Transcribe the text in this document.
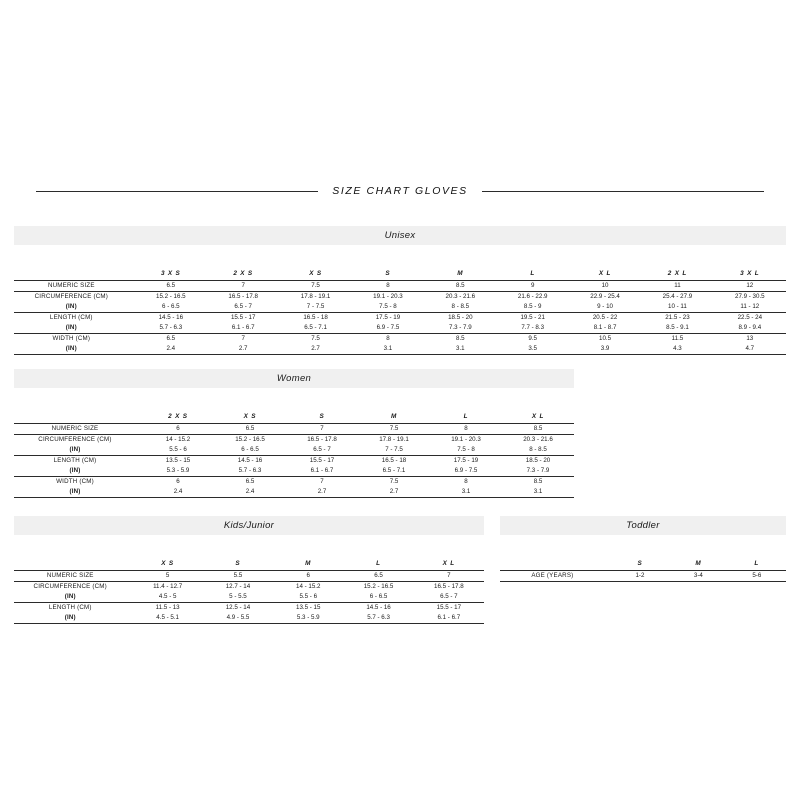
SIZE CHART GLOVES
Unisex
	3 X S	2 X S	X S	S	M	L	X L	2 X L	3 X L
NUMERIC SIZE	6.5	7	7.5	8	8.5	9	10	11	12
CIRCUMFERENCE (CM)	15.2 - 16.5	16.5 - 17.8	17.8 - 19.1	19.1 - 20.3	20.3 - 21.6	21.6 - 22.9	22.9 - 25.4	25.4 - 27.9	27.9 - 30.5
(IN)	6 - 6.5	6.5 - 7	7 - 7.5	7.5 - 8	8 - 8.5	8.5 - 9	9 - 10	10 - 11	11 - 12
LENGTH (CM)	14.5 - 16	15.5 - 17	16.5 - 18	17.5 - 19	18.5 - 20	19.5 - 21	20.5 - 22	21.5 - 23	22.5 - 24
(IN)	5.7 - 6.3	6.1 - 6.7	6.5 - 7.1	6.9 - 7.5	7.3 - 7.9	7.7 - 8.3	8.1 - 8.7	8.5 - 9.1	8.9 - 9.4
WIDTH (CM)	6.5	7	7.5	8	8.5	9.5	10.5	11.5	13
(IN)	2.4	2.7	2.7	3.1	3.1	3.5	3.9	4.3	4.7
Women
	2 X S	X S	S	M	L	X L
NUMERIC SIZE	6	6.5	7	7.5	8	8.5
CIRCUMFERENCE (CM)	14 - 15.2	15.2 - 16.5	16.5 - 17.8	17.8 - 19.1	19.1 - 20.3	20.3 - 21.6
(IN)	5.5 - 6	6 - 6.5	6.5 - 7	7 - 7.5	7.5 - 8	8 - 8.5
LENGTH (CM)	13.5 - 15	14.5 - 16	15.5 - 17	16.5 - 18	17.5 - 19	18.5 - 20
(IN)	5.3 - 5.9	5.7 - 6.3	6.1 - 6.7	6.5 - 7.1	6.9 - 7.5	7.3 - 7.9
WIDTH (CM)	6	6.5	7	7.5	8	8.5
(IN)	2.4	2.4	2.7	2.7	3.1	3.1
Kids/Junior
	X S	S	M	L	X L
NUMERIC SIZE	5	5.5	6	6.5	7
CIRCUMFERENCE (CM)	11.4 - 12.7	12.7 - 14	14 - 15.2	15.2 - 16.5	16.5 - 17.8
(IN)	4.5 - 5	5 - 5.5	5.5 - 6	6 - 6.5	6.5 - 7
LENGTH (CM)	11.5 - 13	12.5 - 14	13.5 - 15	14.5 - 16	15.5 - 17
(IN)	4.5 - 5.1	4.9 - 5.5	5.3 - 5.9	5.7 - 6.3	6.1 - 6.7
Toddler
	S	M	L
AGE (YEARS)	1-2	3-4	5-6
